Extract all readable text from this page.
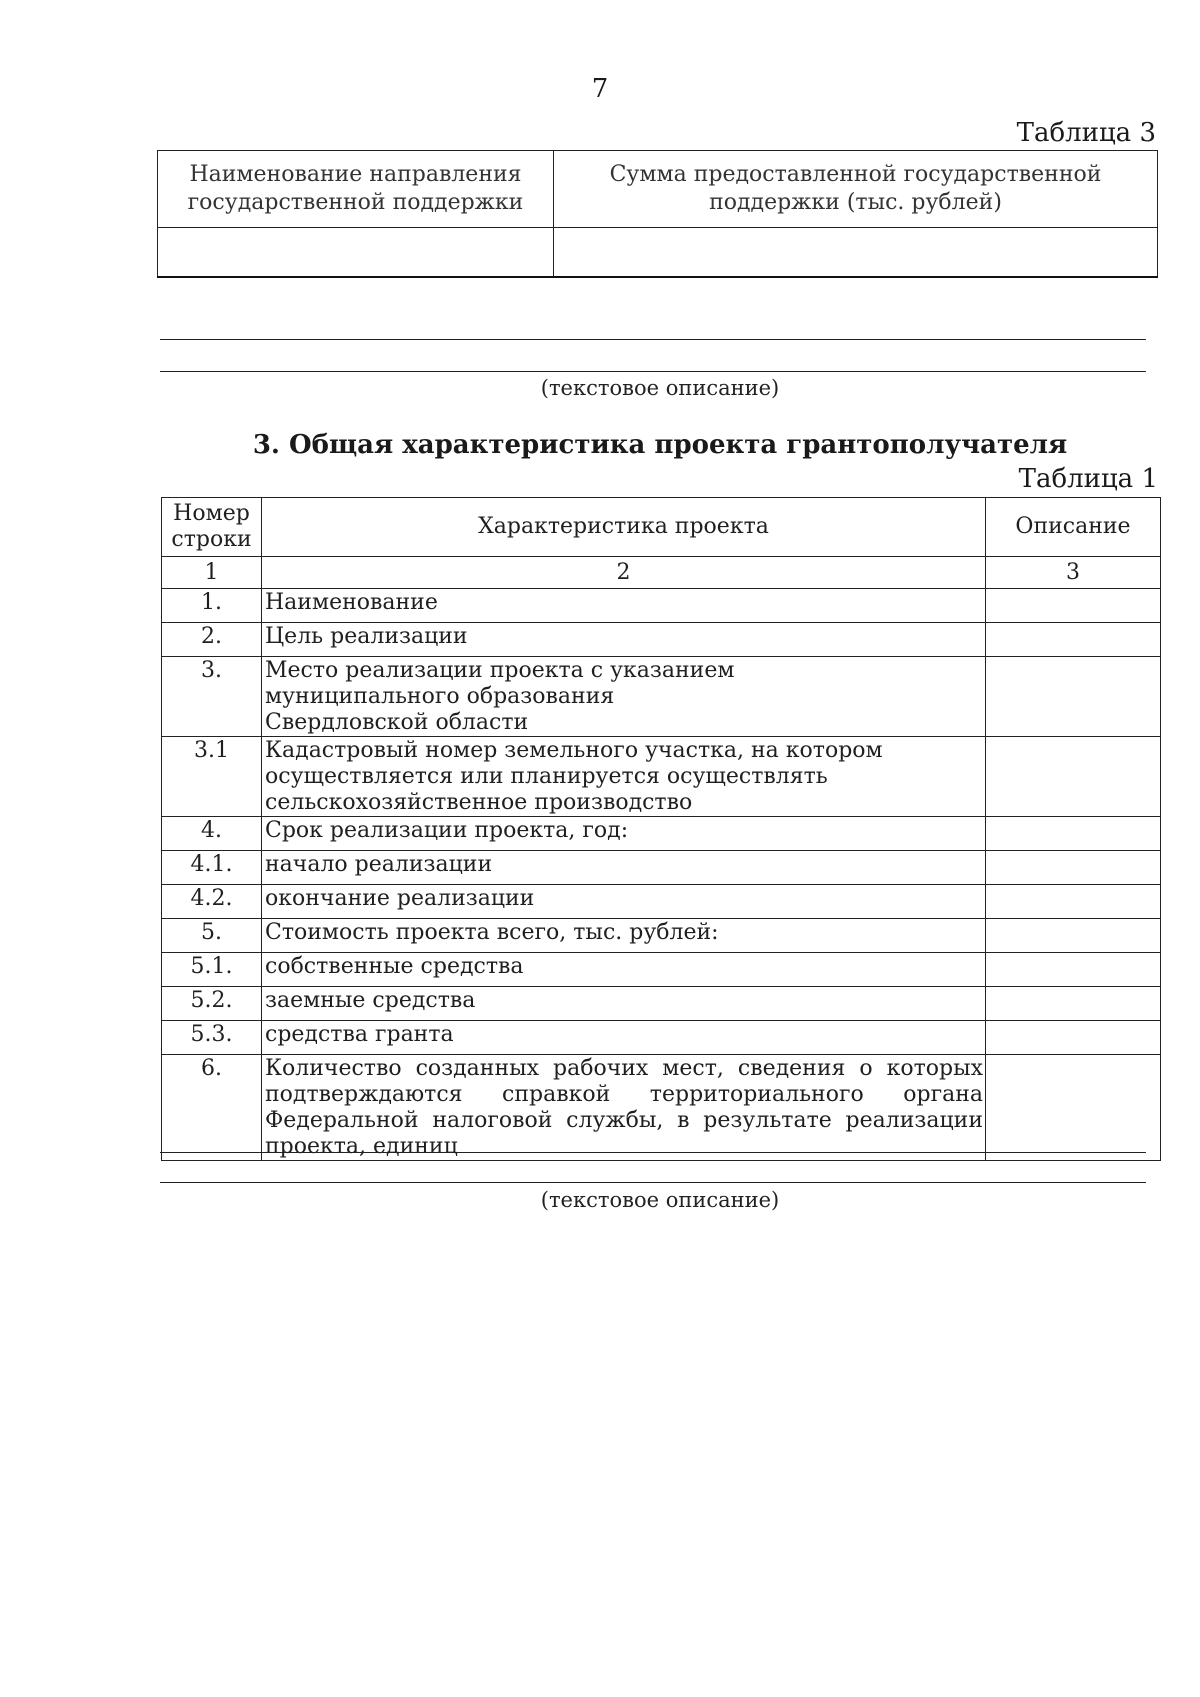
7
Таблица 3
Наименование направления государственной поддержки	Сумма предоставленной государственной поддержки (тыс. рублей)

(текстовое описание)
3. Общая характеристика проекта грантополучателя
Таблица 1
Номер строки	Характеристика проекта	Описание
1	2	3
1.	Наименование	
2.	Цель реализации	
3.	Место реализации проекта с указанием муниципального образования Свердловской области	
3.1	Кадастровый номер земельного участка, на котором осуществляется или планируется осуществлять сельскохозяйственное производство	
4.	Срок реализации проекта, год:	
4.1.	начало реализации	
4.2.	окончание реализации	
5.	Стоимость проекта всего, тыс. рублей:	
5.1.	собственные средства	
5.2.	заемные средства	
5.3.	средства гранта	
6.	Количество созданных рабочих мест, сведения о которых подтверждаются справкой территориального органа Федеральной налоговой службы, в результате реализации проекта, единиц	
(текстовое описание)
